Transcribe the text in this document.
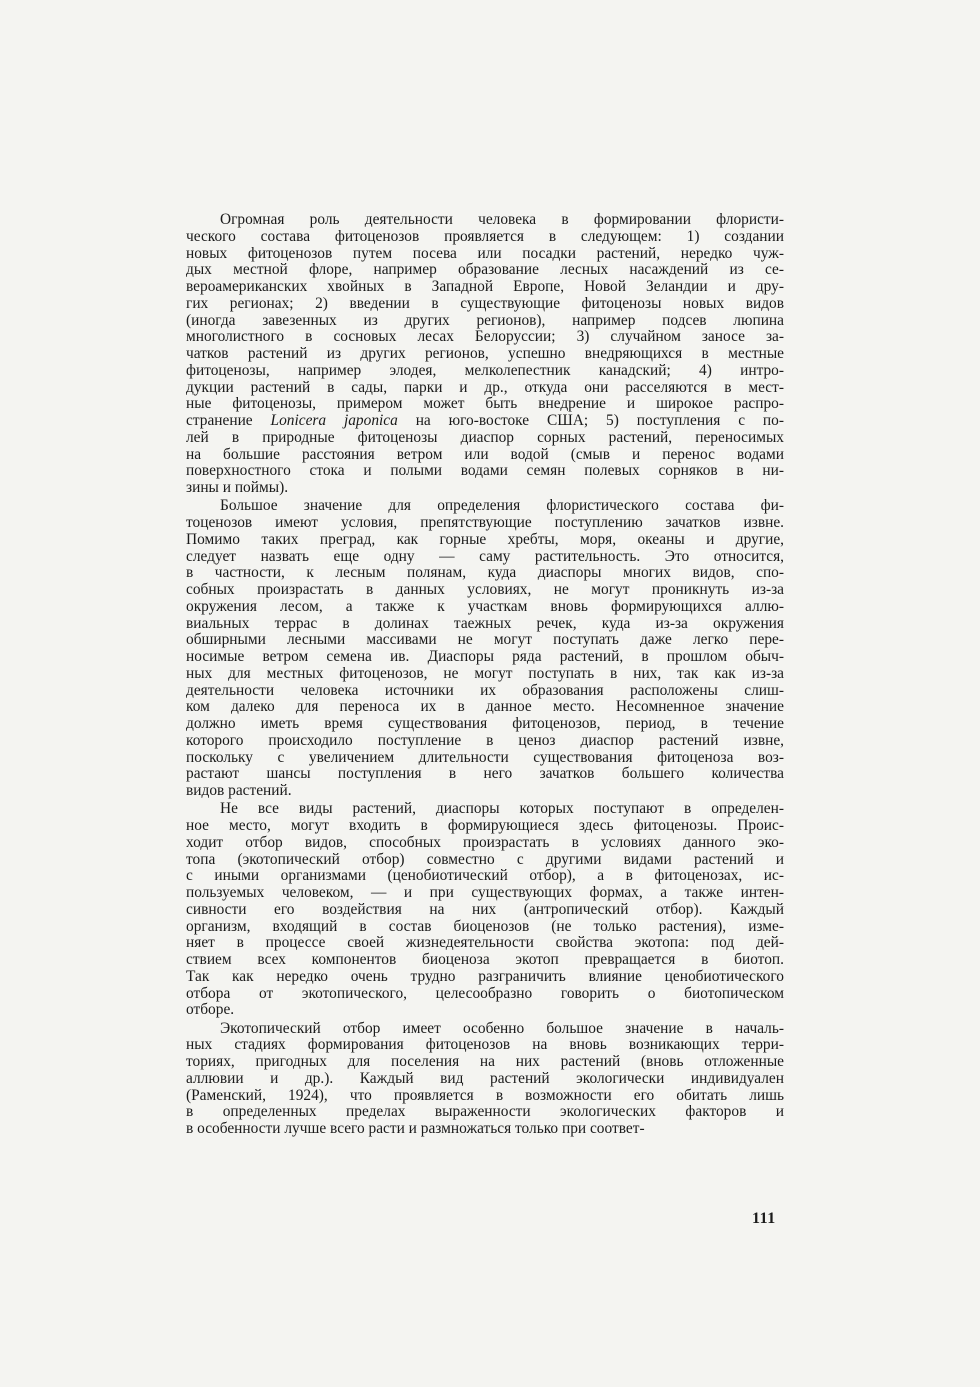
Огромная роль деятельности человека в формировании флористи-
ческого состава фитоценозов проявляется в следующем: 1) создании
новых фитоценозов путем посева или посадки растений, нередко чуж-
дых местной флоре, например образование лесных насаждений из се-
вероамериканских хвойных в Западной Европе, Новой Зеландии и дру-
гих регионах; 2) введении в существующие фитоценозы новых видов
(иногда завезенных из других регионов), например подсев люпина
многолистного в сосновых лесах Белоруссии; 3) случайном заносе за-
чатков растений из других регионов, успешно внедряющихся в местные
фитоценозы, например элодея, мелколепестник канадский; 4) интро-
дукции растений в сады, парки и др., откуда они расселяются в мест-
ные фитоценозы, примером может быть внедрение и широкое распро-
странение Lonicera japonica на юго-востоке США; 5) поступления с по-
лей в природные фитоценозы диаспор сорных растений, переносимых
на большие расстояния ветром или водой (смыв и перенос водами
поверхностного стока и полыми водами семян полевых сорняков в ни-
зины и поймы).
Большое значение для определения флористического состава фи-
тоценозов имеют условия, препятствующие поступлению зачатков извне.
Помимо таких преград, как горные хребты, моря, океаны и другие,
следует назвать еще одну — саму растительность. Это относится,
в частности, к лесным полянам, куда диаспоры многих видов, спо-
собных произрастать в данных условиях, не могут проникнуть из-за
окружения лесом, а также к участкам вновь формирующихся аллю-
виальных террас в долинах таежных речек, куда из-за окружения
обширными лесными массивами не могут поступать даже легко пере-
носимые ветром семена ив. Диаспоры ряда растений, в прошлом обыч-
ных для местных фитоценозов, не могут поступать в них, так как из-за
деятельности человека источники их образования расположены слиш-
ком далеко для переноса их в данное место. Несомненное значение
должно иметь время существования фитоценозов, период, в течение
которого происходило поступление в ценоз диаспор растений извне,
поскольку с увеличением длительности существования фитоценоза воз-
растают шансы поступления в него зачатков большего количества
видов растений.
Не все виды растений, диаспоры которых поступают в определен-
ное место, могут входить в формирующиеся здесь фитоценозы. Проис-
ходит отбор видов, способных произрастать в условиях данного эко-
топа (экотопический отбор) совместно с другими видами растений и
с иными организмами (ценобиотический отбор), а в фитоценозах, ис-
пользуемых человеком, — и при существующих формах, а также интен-
сивности его воздействия на них (антропический отбор). Каждый
организм, входящий в состав биоценозов (не только растения), изме-
няет в процессе своей жизнедеятельности свойства экотопа: под дей-
ствием всех компонентов биоценоза экотоп превращается в биотоп.
Так как нередко очень трудно разграничить влияние ценобиотического
отбора от экотопического, целесообразно говорить о биотопическом
отборе.
Экотопический отбор имеет особенно большое значение в началь-
ных стадиях формирования фитоценозов на вновь возникающих терри-
ториях, пригодных для поселения на них растений (вновь отложенные
аллювии и др.). Каждый вид растений экологически индивидуален
(Раменский, 1924), что проявляется в возможности его обитать лишь
в определенных пределах выраженности экологических факторов и
в особенности лучше всего расти и размножаться только при соответ-
111
